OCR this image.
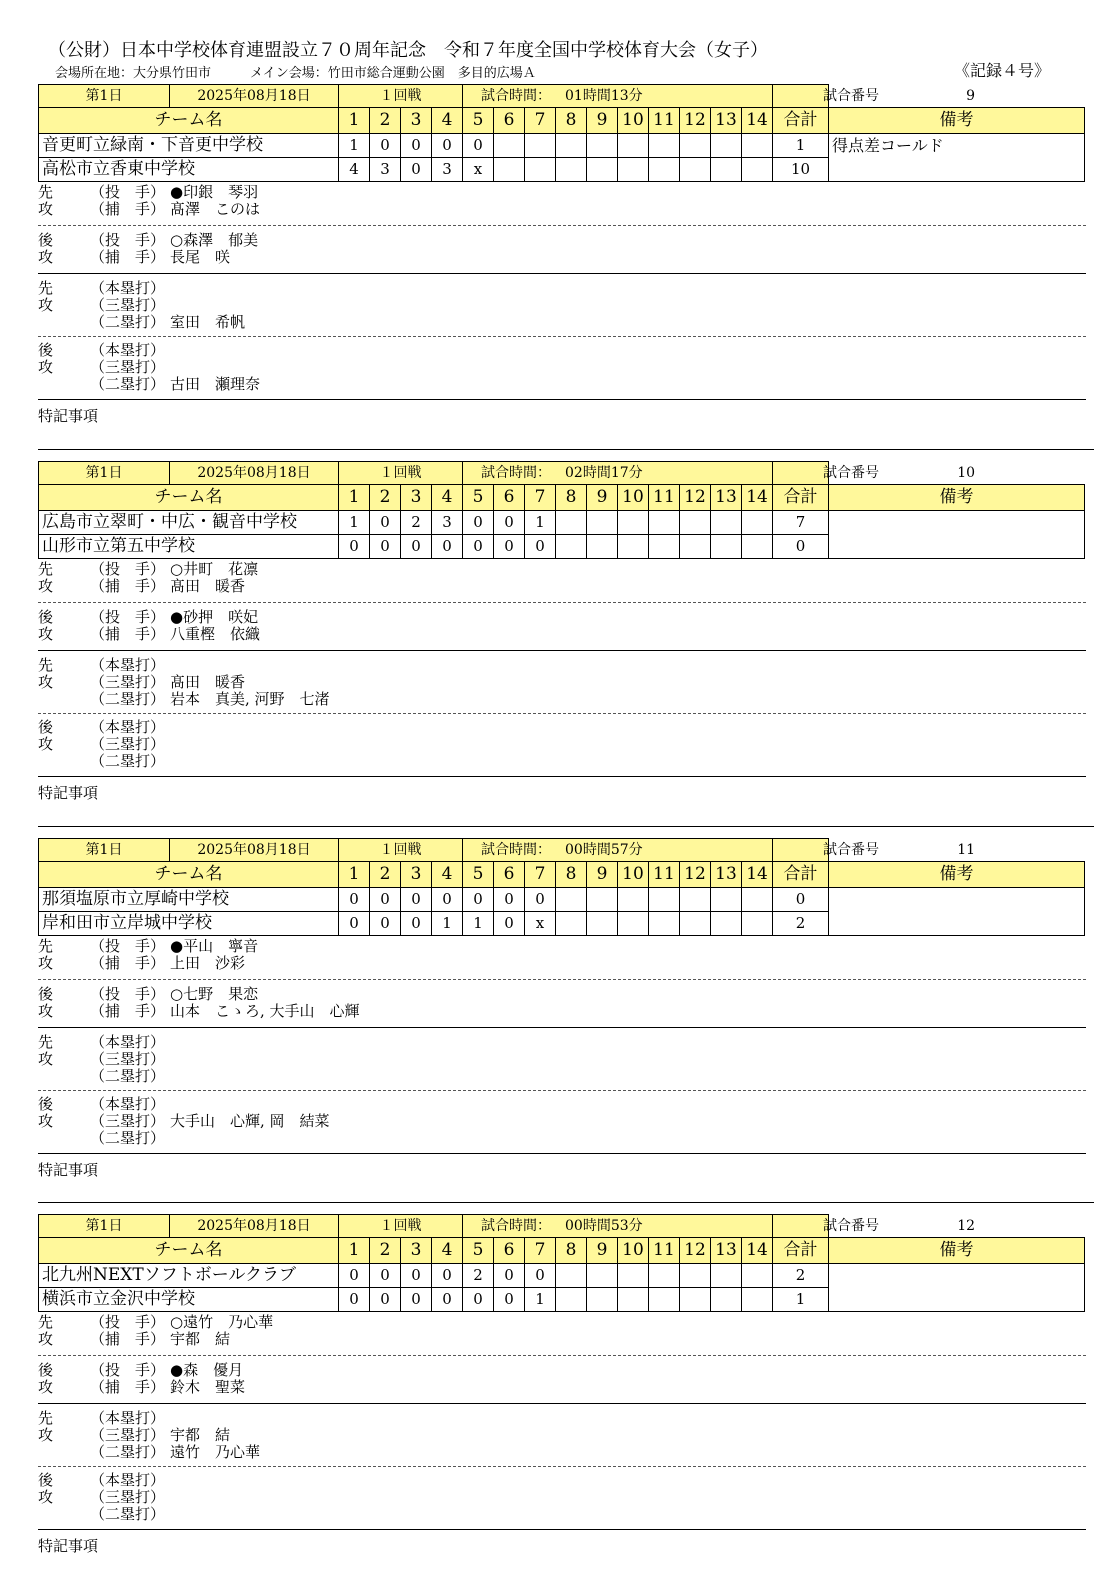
（公財）日本中学校体育連盟設立７０周年記念　令和７年度全国中学校体育大会（女子）
会場所在地：大分県竹田市　　　メイン会場：竹田市総合運動公園　多目的広場Ａ	《記録４号》
第1日	2025年08月18日	１回戦				試合時間： 01時間13分										試合番号 9	
チーム名		1	2	3	4	5	6	7	8	9	10	11	12	13	14	合計	備考
音更町立緑南・下音更中学校		1	0	0	0	0										1	得点差コールド
高松市立香東中学校		4	3	0	3	x										10	
先攻
（投　手） ●印銀　琴羽
（捕　手） 髙澤　このは
後攻
（投　手） ○森澤　郁美
（捕　手） 長尾　咲
先攻
（本塁打）
（三塁打）
（二塁打） 室田　希帆
後攻
（本塁打）
（三塁打）
（二塁打） 古田　瀬理奈
特記事項
第1日	2025年08月18日	１回戦				試合時間： 02時間17分										試合番号 10	
チーム名		1	2	3	4	5	6	7	8	9	10	11	12	13	14	合計	備考
広島市立翠町・中広・観音中学校		1	0	2	3	0	0	1								7	
山形市立第五中学校		0	0	0	0	0	0	0								0	
先攻
（投　手） ○井町　花凛
（捕　手） 髙田　暖香
後攻
（投　手） ●砂押　咲妃
（捕　手） 八重樫　依織
先攻
（本塁打）
（三塁打） 髙田　暖香
（二塁打） 岩本　真美, 河野　七渚
後攻
（本塁打）
（三塁打）
（二塁打）
特記事項
第1日	2025年08月18日	１回戦				試合時間： 00時間57分										試合番号 11	
チーム名		1	2	3	4	5	6	7	8	9	10	11	12	13	14	合計	備考
那須塩原市立厚崎中学校		0	0	0	0	0	0	0								0	
岸和田市立岸城中学校		0	0	0	1	1	0	x								2	
先攻
（投　手） ●平山　寧音
（捕　手） 上田　沙彩
後攻
（投　手） ○七野　果恋
（捕　手） 山本　こゝろ, 大手山　心輝
先攻
（本塁打）
（三塁打）
（二塁打）
後攻
（本塁打）
（三塁打） 大手山　心輝, 岡　結菜
（二塁打）
特記事項
第1日	2025年08月18日	１回戦				試合時間： 00時間53分										試合番号 12	
チーム名		1	2	3	4	5	6	7	8	9	10	11	12	13	14	合計	備考
北九州NEXTソフトボールクラブ		0	0	0	0	2	0	0								2	
横浜市立金沢中学校		0	0	0	0	0	0	1								1	
先攻
（投　手） ○遠竹　乃心華
（捕　手） 宇都　結
後攻
（投　手） ●森　優月
（捕　手） 鈴木　聖菜
先攻
（本塁打）
（三塁打） 宇都　結
（二塁打） 遠竹　乃心華
後攻
（本塁打）
（三塁打）
（二塁打）
特記事項
